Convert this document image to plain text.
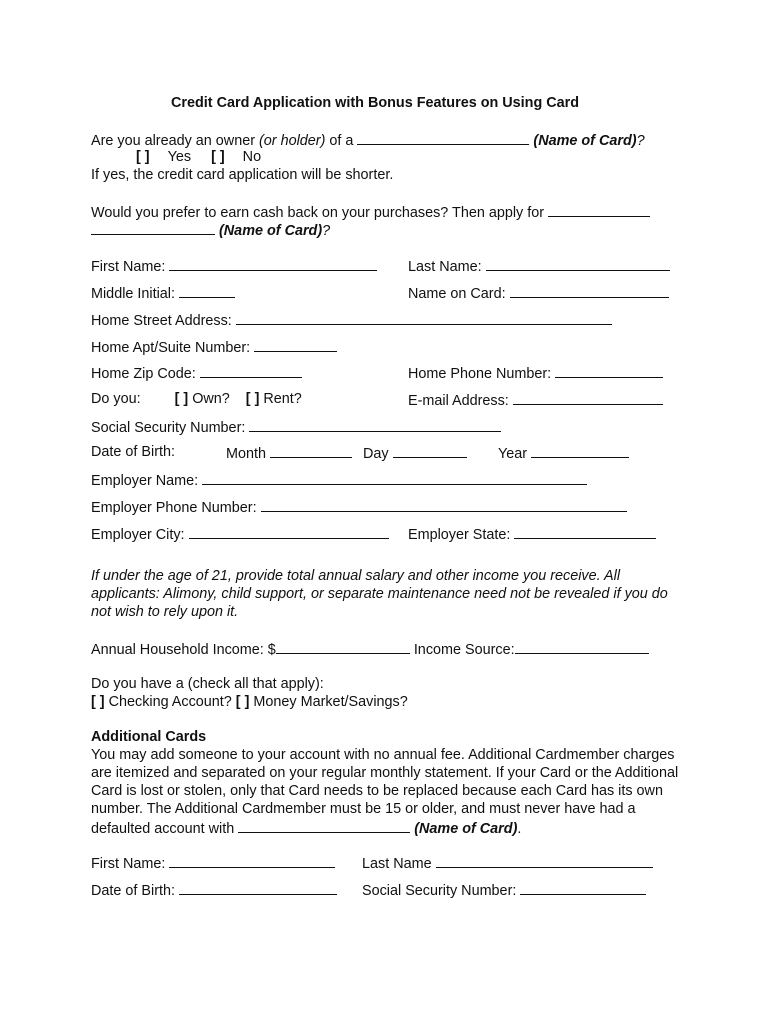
Credit Card Application with Bonus Features on Using Card
Are you already an owner (or holder) of a	(Name of Card)?
[ ] Yes [ ] No
If yes, the credit card application will be shorter.
Would you prefer to earn cash back on your purchases? Then apply for
(Name of Card)?
First Name:	Last Name:
Middle Initial:	Name on Card:
Home Street Address:
Home Apt/Suite Number:
Home Zip Code:	Home Phone Number:
Do you: [ ] Own? [ ] Rent?	E-mail Address:
Social Security Number:
Date of Birth:	Month	Day	Year
Employer Name:
Employer Phone Number:
Employer City:	Employer State:
If under the age of 21, provide total annual salary and other income you receive. All applicants: Alimony, child support, or separate maintenance need not be revealed if you do not wish to rely upon it.
Annual Household Income: $	Income Source:
Do you have a (check all that apply):
[ ] Checking Account? [ ] Money Market/Savings?
Additional Cards
You may add someone to your account with no annual fee. Additional Cardmember charges are itemized and separated on your regular monthly statement. If your Card or the Additional Card is lost or stolen, only that Card needs to be replaced because each Card has its own number. The Additional Cardmember must be 15 or older, and must never have had a defaulted account with	(Name of Card).
First Name:	Last Name
Date of Birth:	Social Security Number:
